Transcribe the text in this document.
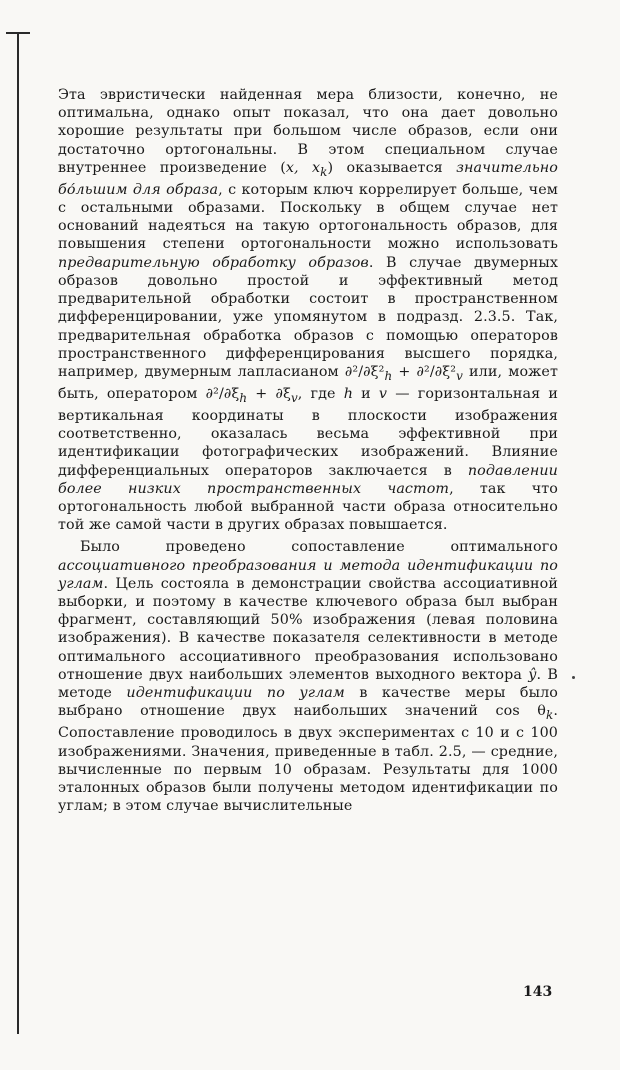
Эта эвристически найденная мера близости, конечно, не оптимальна, однако опыт показал, что она дает довольно хорошие результаты при большом числе образов, если они достаточно ортогональны. В этом специальном случае внутреннее произведение (x, $x_k$) оказывается значительно бо́льшим для образа, с которым ключ коррелирует больше, чем с остальными образами. Поскольку в общем случае нет оснований надеяться на такую ортогональность образов, для повышения степени ортогональности можно использовать предварительную обработку образов. В случае двумерных образов довольно простой и эффективный метод предварительной обработки состоит в пространственном дифференцировании, уже упомянутом в подразд. 2.3.5. Так, предварительная обработка образов с помощью операторов пространственного дифференцирования высшего порядка, например, двумерным лапласианом $\partial^2/\partial\xi^2_h + \partial^2/\partial\xi^2_v$ или, может быть, оператором $\partial^2/\partial\xi_h + \partial\xi_v$, где h и v — горизонтальная и вертикальная координаты в плоскости изображения соответственно, оказалась весьма эффективной при идентификации фотографических изображений. Влияние дифференциальных операторов заключается в подавлении более низких пространственных частот, так что ортогональность любой выбранной части образа относительно той же самой части в других образах повышается.

Было проведено сопоставление оптимального ассоциативного преобразования и метода идентификации по углам. Цель состояла в демонстрации свойства ассоциативной выборки, и поэтому в качестве ключевого образа был выбран фрагмент, составляющий 50% изображения (левая половина изображения). В качестве показателя селективности в методе оптимального ассоциативного преобразования использовано отношение двух наибольших элементов выходного вектора ŷ. В методе идентификации по углам в качестве меры было выбрано отношение двух наибольших значений $\cos \theta_k$. Сопоставление проводилось в двух экспериментах с 10 и с 100 изображениями. Значения, приведенные в табл. 2.5, — средние, вычисленные по первым 10 образам. Результаты для 1000 эталонных образов были получены методом идентификации по углам; в этом случае вычислительные

143
